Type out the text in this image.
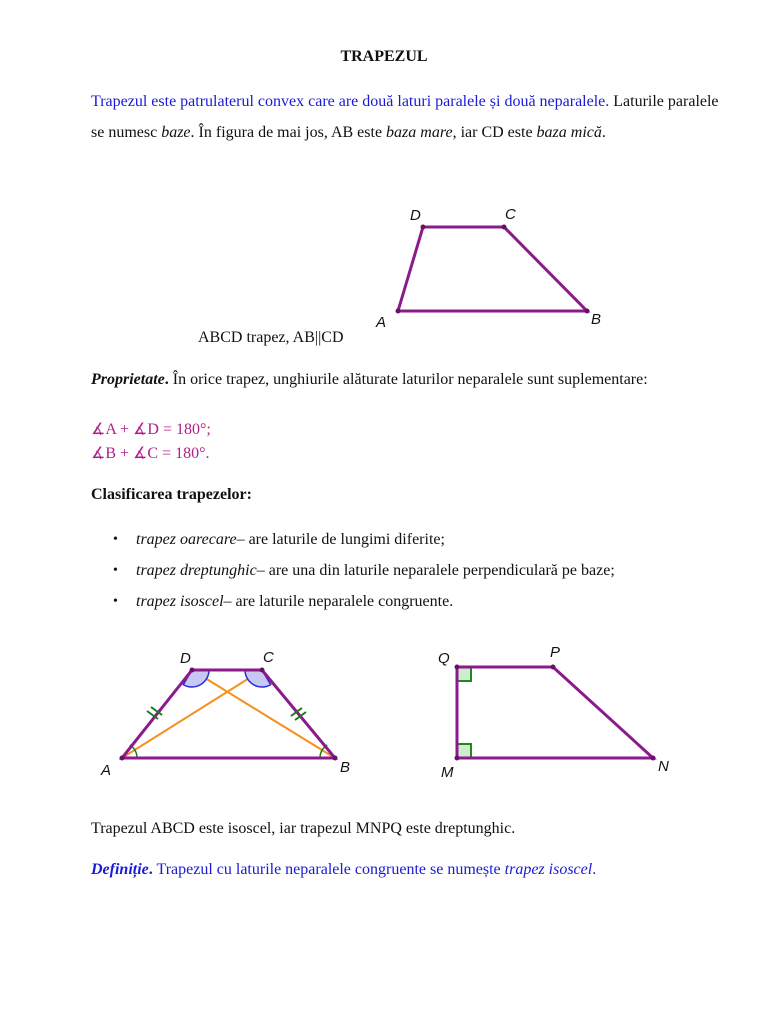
TRAPEZUL
Trapezul este patrulaterul convex care are două laturi paralele și două neparalele. Laturile paralele se numesc baze. În figura de mai jos, AB este baza mare, iar CD este baza mică.
D	C
A	B
ABCD trapez, AB||CD
Proprietate. În orice trapez, unghiurile alăturate laturilor neparalele sunt suplementare:
∡A + ∡D = 180°;
∡B + ∡C = 180°.
Clasificarea trapezelor:
• trapez oarecare– are laturile de lungimi diferite;
• trapez dreptunghic– are una din laturile neparalele perpendiculară pe baze;
• trapez isoscel– are laturile neparalele congruente.
D	C
A	B
Q	P
M	N
Trapezul ABCD este isoscel, iar trapezul MNPQ este dreptunghic.
Definiție. Trapezul cu laturile neparalele congruente se numește trapez isoscel.
